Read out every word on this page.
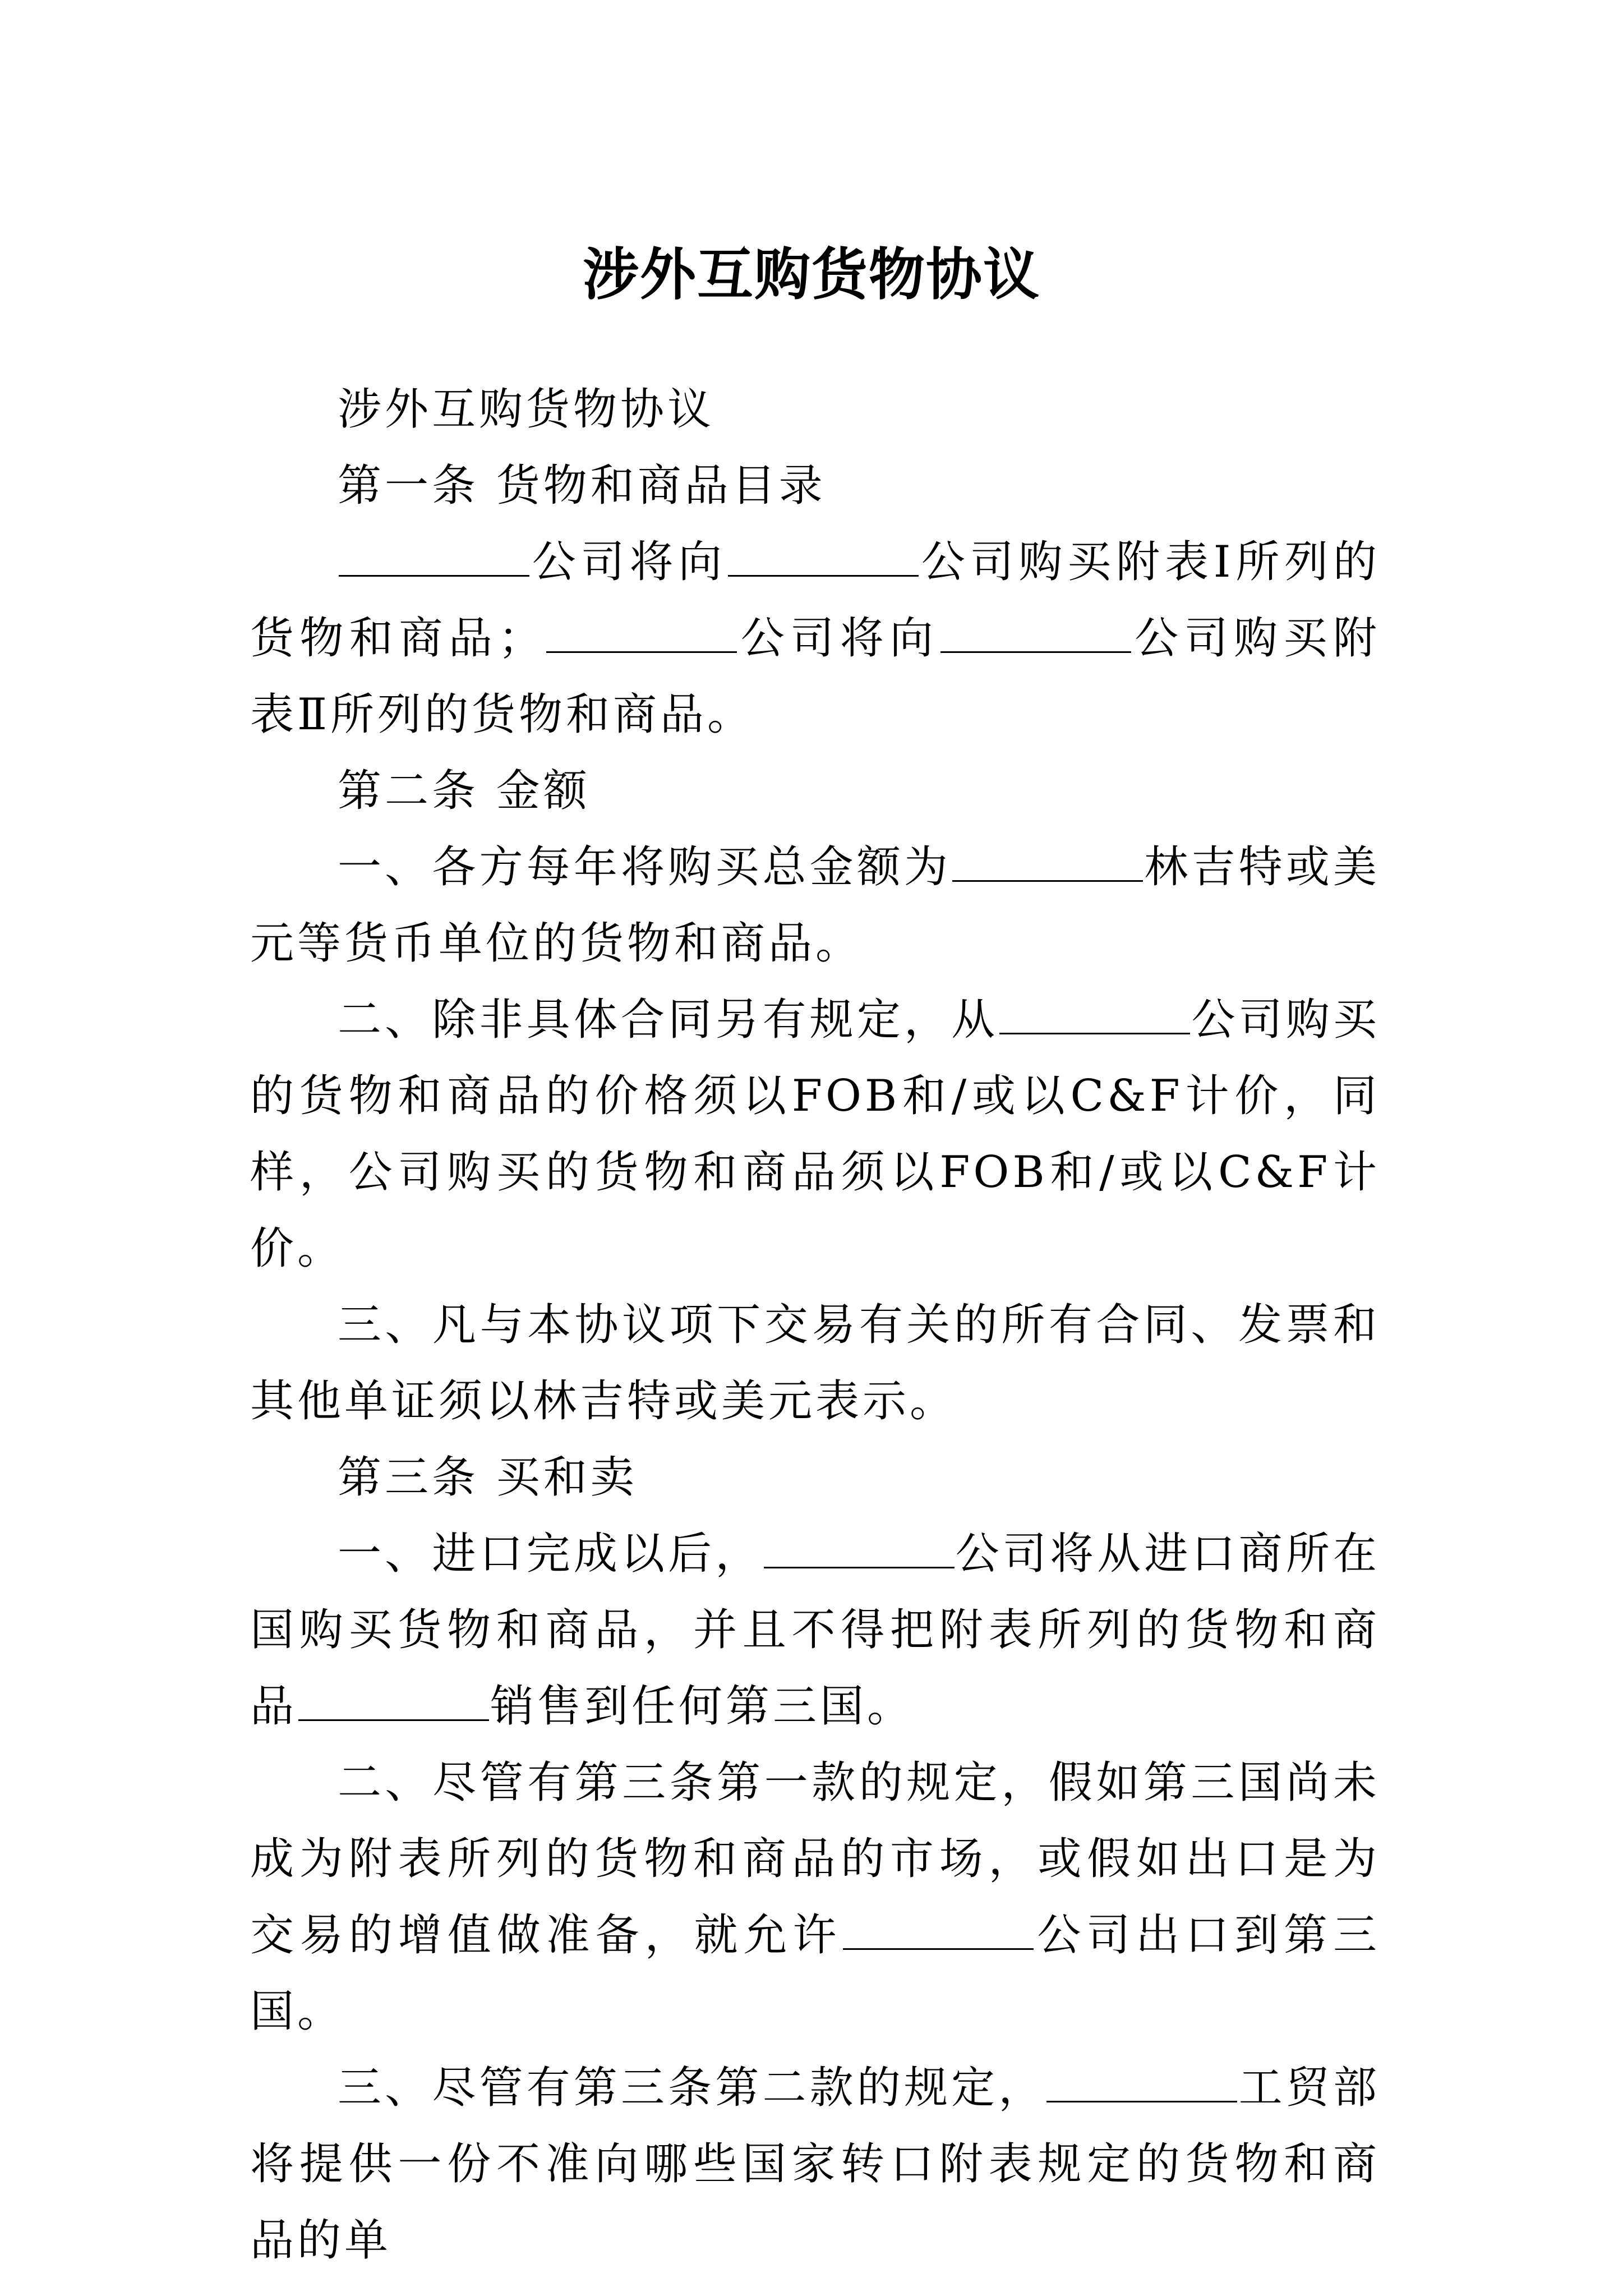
涉外互购货物协议

涉外互购货物协议

第一条 货物和商品目录

公司将向	公司购买附表Ⅰ所列的货物和商品；	公司将向	公司购买附表Ⅱ所列的货物和商品。

第二条 金额

一、各方每年将购买总金额为	林吉特或美元等货币单位的货物和商品。

二、除非具体合同另有规定，从	公司购买的货物和商品的价格须以FOB和/或以C&F计价，同样，公司购买的货物和商品须以FOB和/或以C&F计价。

三、凡与本协议项下交易有关的所有合同、发票和其他单证须以林吉特或美元表示。

第三条 买和卖

一、进口完成以后，	公司将从进口商所在国购买货物和商品，并且不得把附表所列的货物和商品	销售到任何第三国。

二、尽管有第三条第一款的规定，假如第三国尚未成为附表所列的货物和商品的市场，或假如出口是为交易的增值做准备，就允许	公司出口到第三国。

三、尽管有第三条第二款的规定，	工贸部将提供一份不准向哪些国家转口附表规定的货物和商品的单
